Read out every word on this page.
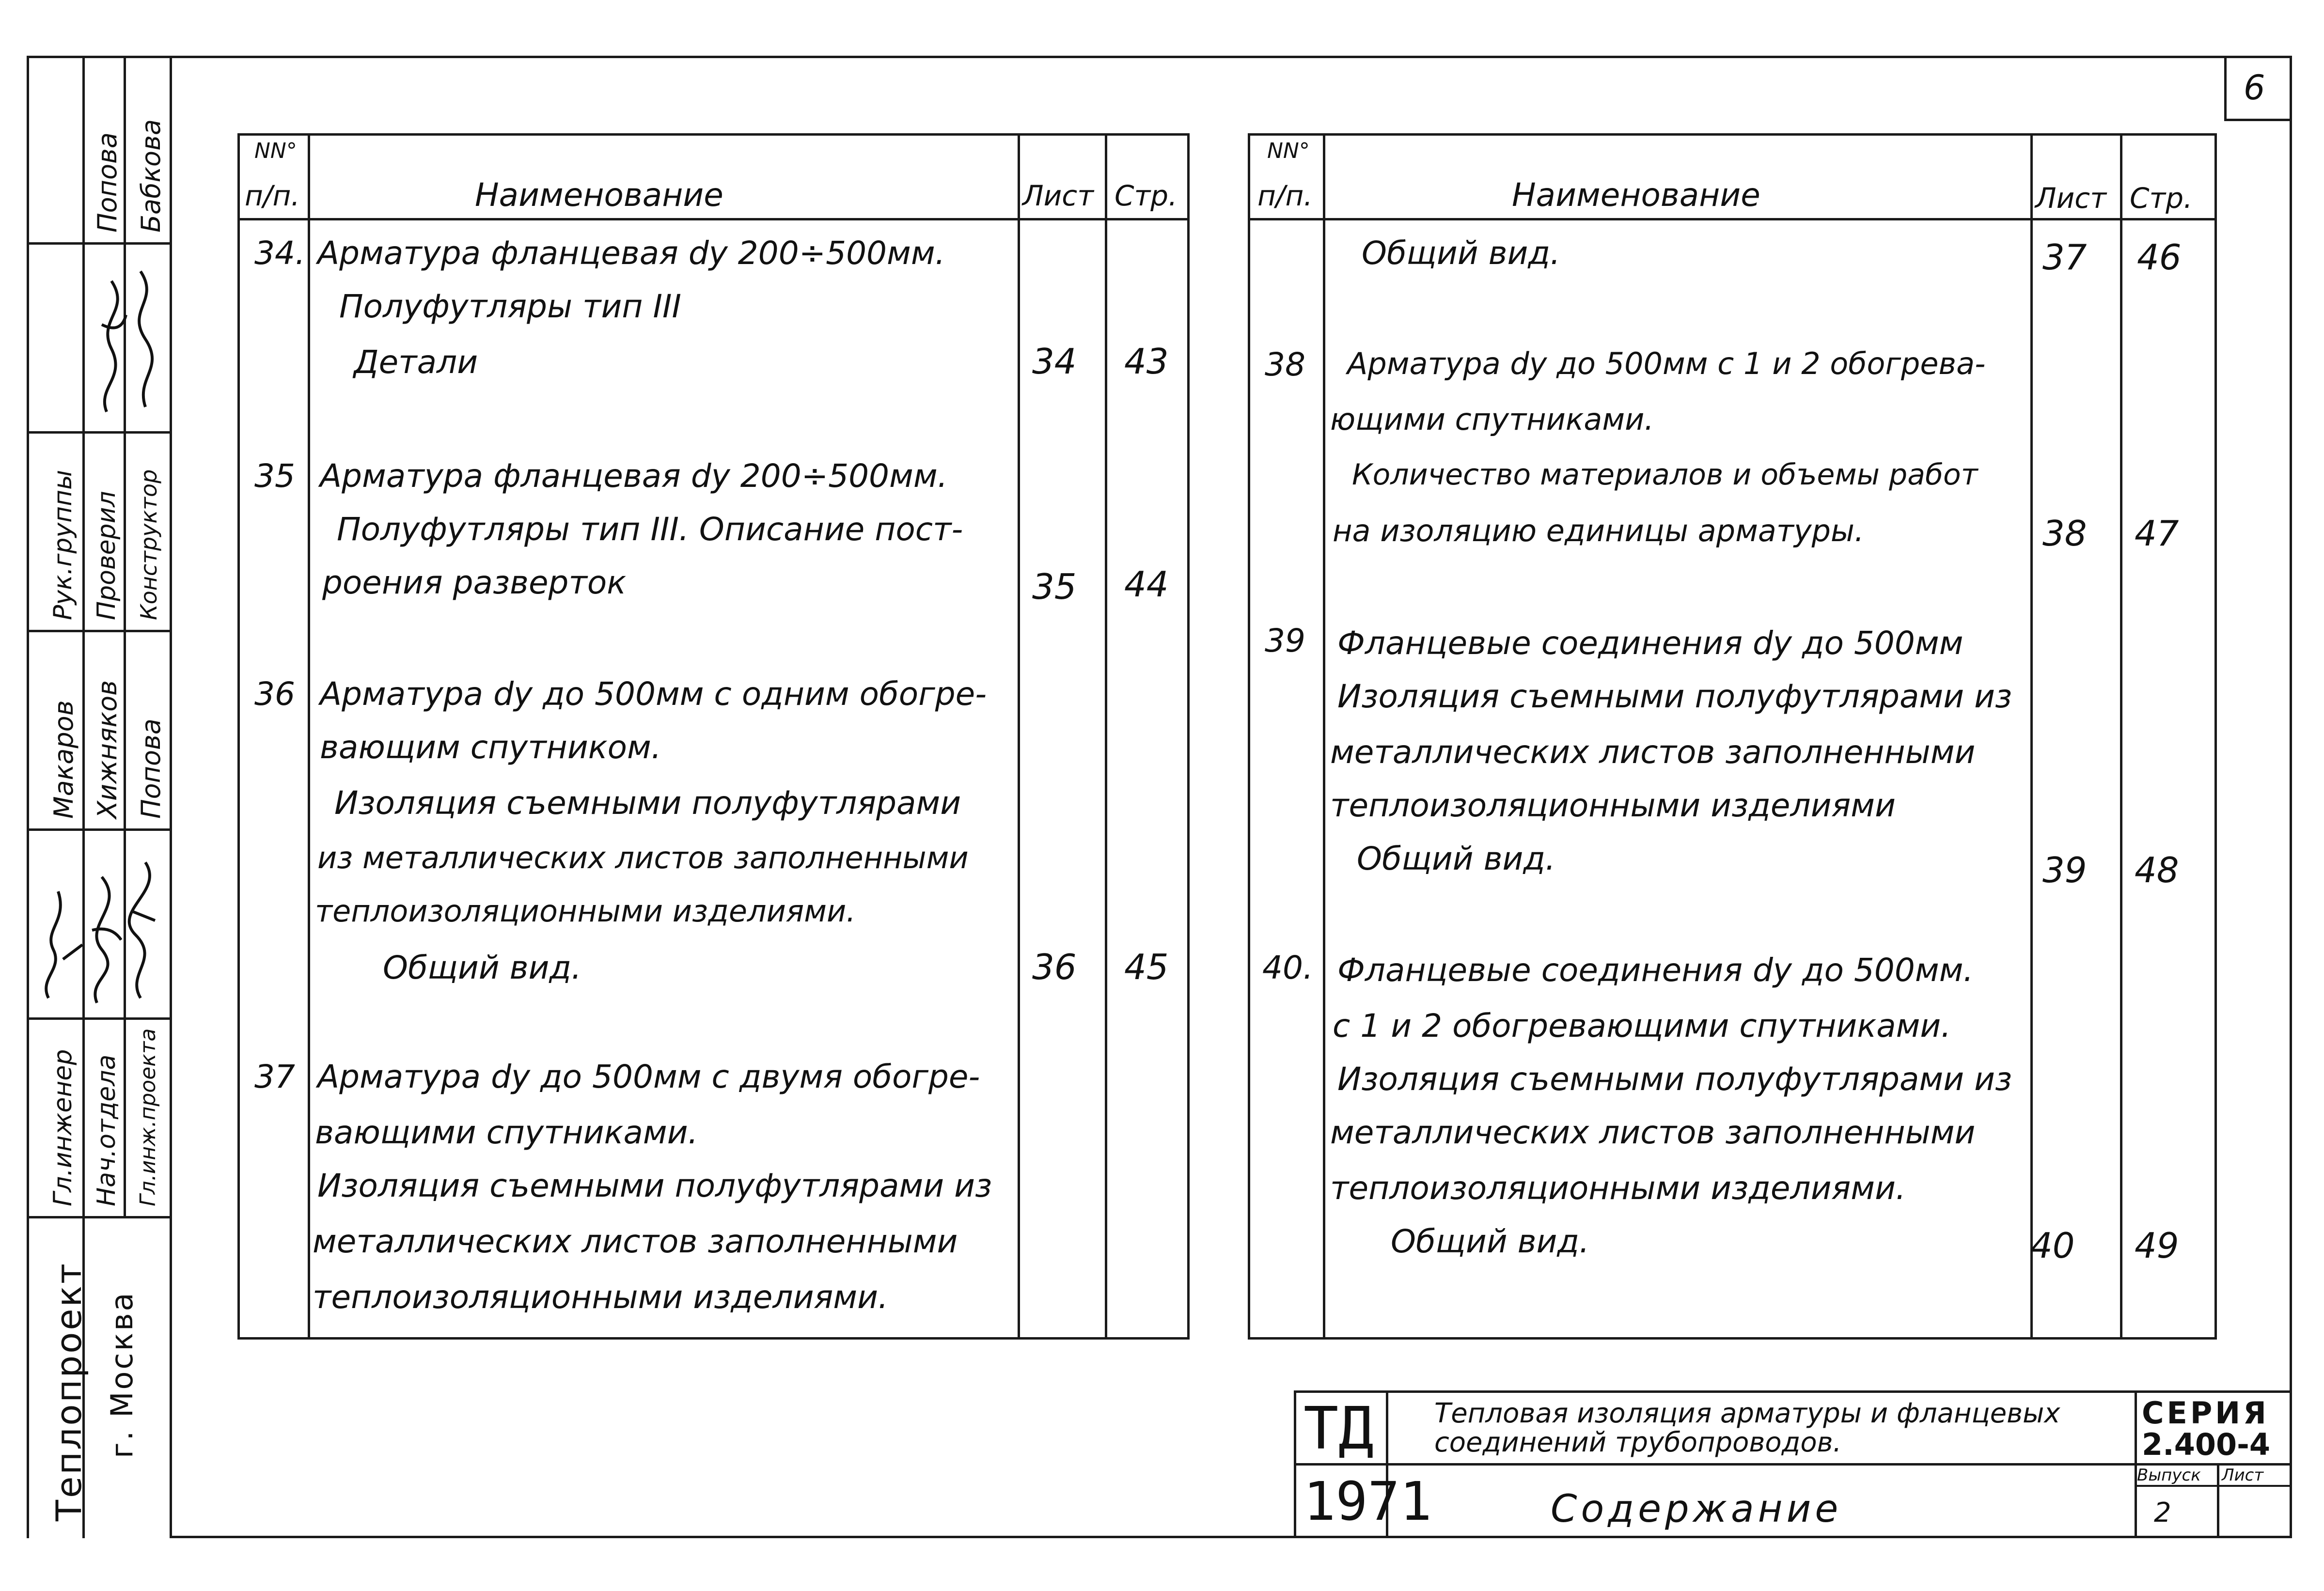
6
Гл.инженер Нач.отдела Гл.инж.проекта
Рук.группы Проверил Конструктор
Макаров Хижняков Попова
Попова Бабкова
Теплопроект г. Москва
NN°
п/п.	Наименование	Лист Стр.
34. Арматура фланцевая dy 200÷500мм.
Полуфутляры тип III
Детали	34 43
35 Арматура фланцевая dy 200÷500мм.
Полуфутляры тип III. Описание пост-
роения разверток	35 44
36 Арматура dy до 500мм с одним обогре-
вающим спутником.
Изоляция съемными полуфутлярами
из металлических листов заполненными
теплоизоляционными изделиями.
Общий вид.	36 45
37 Арматура dy до 500мм с двумя обогре-
вающими спутниками.
Изоляция съемными полуфутлярами из
металлических листов заполненными
теплоизоляционными изделиями.
NN°
п/п.	Наименование	Лист Стр.
Общий вид.	37 46
38 Арматура dy до 500мм с 1 и 2 обогрева-
ющими спутниками.
Количество материалов и объемы работ
на изоляцию единицы арматуры.	38 47
39 Фланцевые соединения dy до 500мм
Изоляция съемными полуфутлярами из
металлических листов заполненными
теплоизоляционными изделиями
Общий вид.	39 48
40. Фланцевые соединения dy до 500мм.
с 1 и 2 обогревающими спутниками.
Изоляция съемными полуфутлярами из
металлических листов заполненными
теплоизоляционными изделиями.
Общий вид.	40 49
ТД
1971
Тепловая изоляция арматуры и фланцевых
соединений трубопроводов.
СЕРИЯ
2.400-4
Выпуск Лист
2
Содержание
